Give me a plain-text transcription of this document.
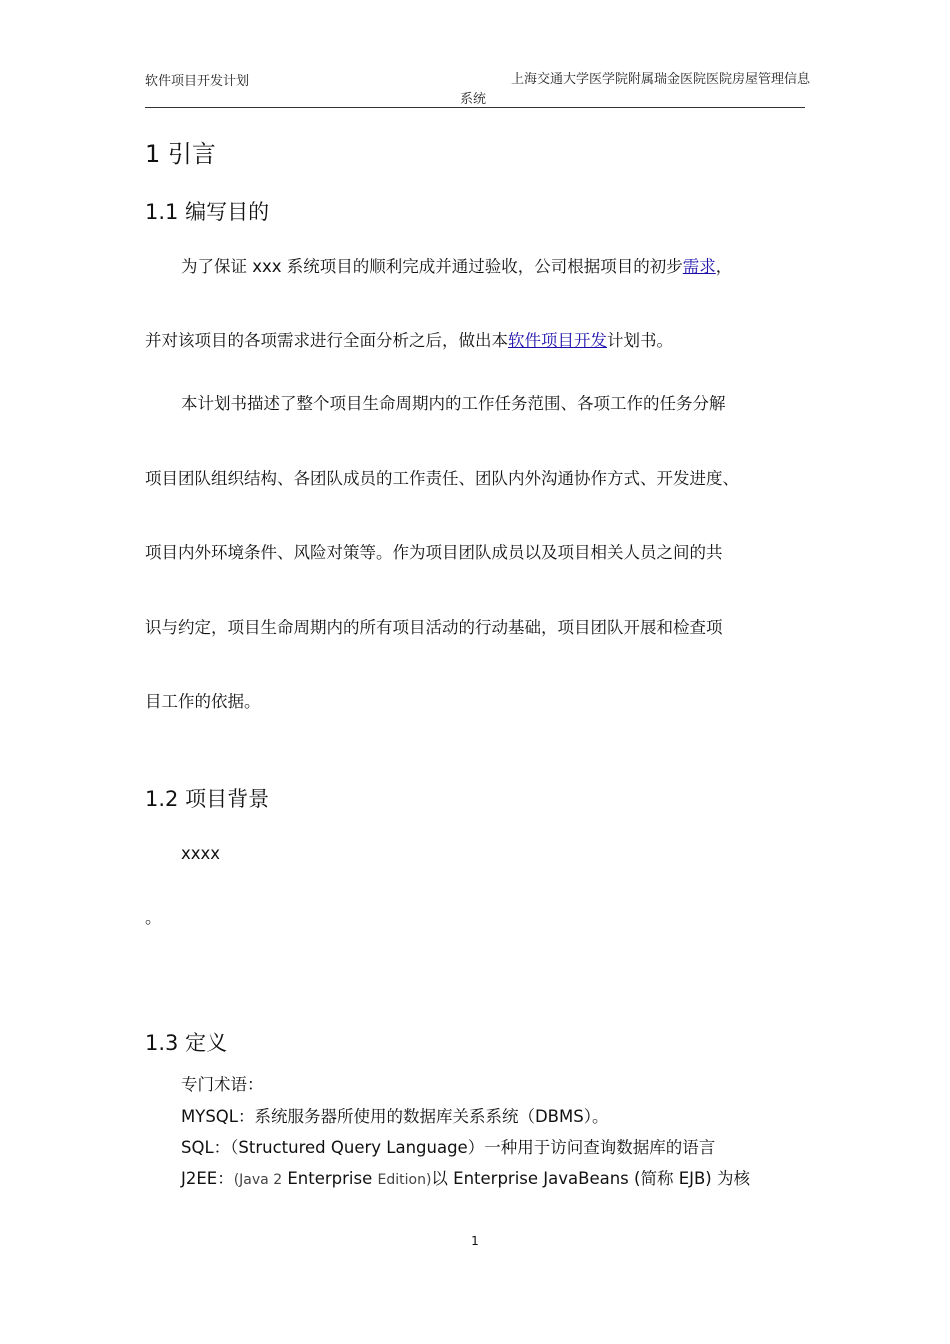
软件项目开发计划	上海交通大学医学院附属瑞金医院医院房屋管理信息
系统
1 引言
1.1 编写目的
为了保证 xxx 系统项目的顺利完成并通过验收，公司根据项目的初步需求，
并对该项目的各项需求进行全面分析之后，做出本软件项目开发计划书。
本计划书描述了整个项目生命周期内的工作任务范围、各项工作的任务分解
项目团队组织结构、各团队成员的工作责任、团队内外沟通协作方式、开发进度、
项目内外环境条件、风险对策等。作为项目团队成员以及项目相关人员之间的共
识与约定，项目生命周期内的所有项目活动的行动基础，项目团队开展和检查项
目工作的依据。
1.2 项目背景
xxxx
。
1.3 定义
专门术语：
MYSQL：系统服务器所使用的数据库关系系统（DBMS）。
SQL：（Structured Query Language）一种用于访问查询数据库的语言
J2EE：(Java 2 Enterprise Edition)以 Enterprise JavaBeans (简称 EJB) 为核
1
